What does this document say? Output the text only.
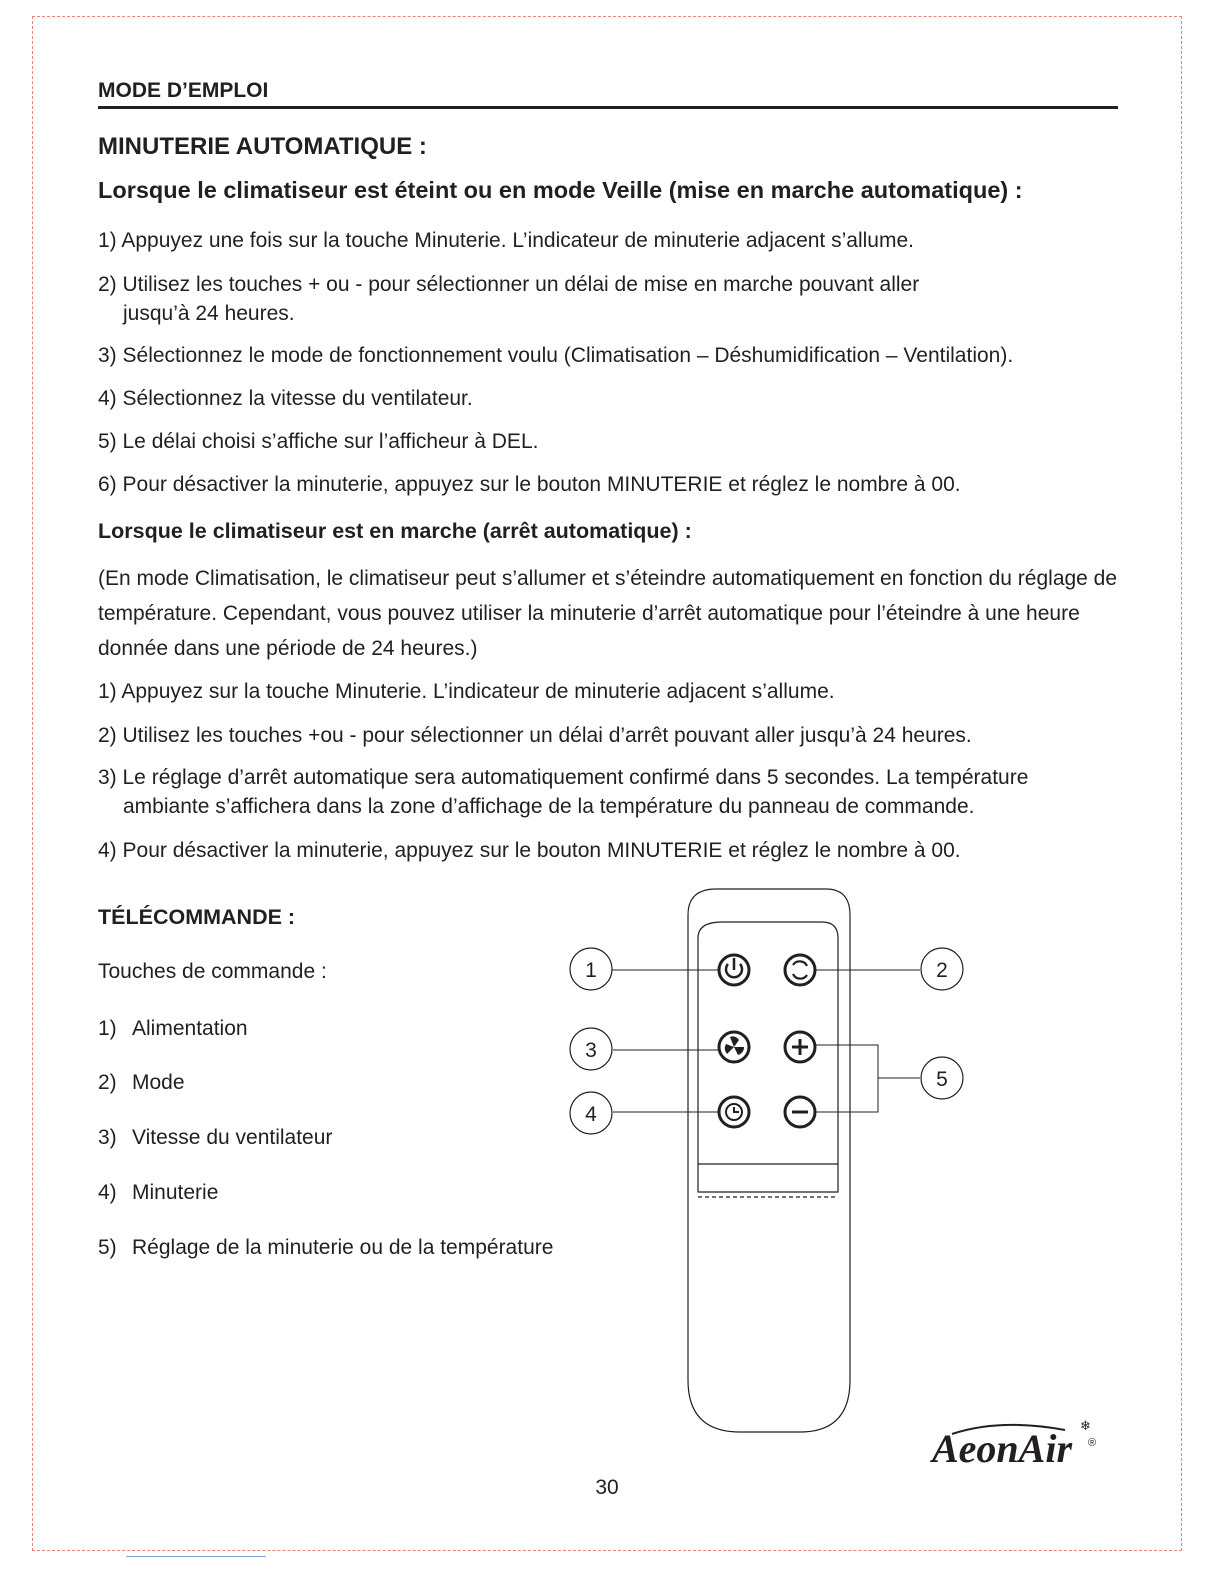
MODE D’EMPLOI
MINUTERIE AUTOMATIQUE :
Lorsque le climatiseur est éteint ou en mode Veille (mise en marche automatique) :
1) Appuyez une fois sur la touche Minuterie. L’indicateur de minuterie adjacent s’allume.
2) Utilisez les touches + ou - pour sélectionner un délai de mise en marche pouvant aller
jusqu’à 24 heures.
3) Sélectionnez le mode de fonctionnement voulu (Climatisation – Déshumidification – Ventilation).
4) Sélectionnez la vitesse du ventilateur.
5) Le délai choisi s’affiche sur l’afficheur à DEL.
6) Pour désactiver la minuterie, appuyez sur le bouton MINUTERIE et réglez le nombre à 00.
Lorsque le climatiseur est en marche (arrêt automatique) :
(En mode Climatisation, le climatiseur peut s’allumer et s’éteindre automatiquement en fonction du réglage de température. Cependant, vous pouvez utiliser la minuterie d’arrêt automatique pour l’éteindre à une heure donnée dans une période de 24 heures.)
1) Appuyez sur la touche Minuterie. L’indicateur de minuterie adjacent s’allume.
2) Utilisez les touches +ou - pour sélectionner un délai d’arrêt pouvant aller jusqu’à 24 heures.
3) Le réglage d’arrêt automatique sera automatiquement confirmé dans 5 secondes. La température
ambiante s’affichera dans la zone d’affichage de la température du panneau de commande.
4) Pour désactiver la minuterie, appuyez sur le bouton MINUTERIE et réglez le nombre à 00.
TÉLÉCOMMANDE :
Touches de commande :
1) Alimentation
2) Mode
3) Vitesse du ventilateur
4) Minuterie
5) Réglage de la minuterie ou de la température
1	2
3
4
5
❄
AeonAir ®
30
